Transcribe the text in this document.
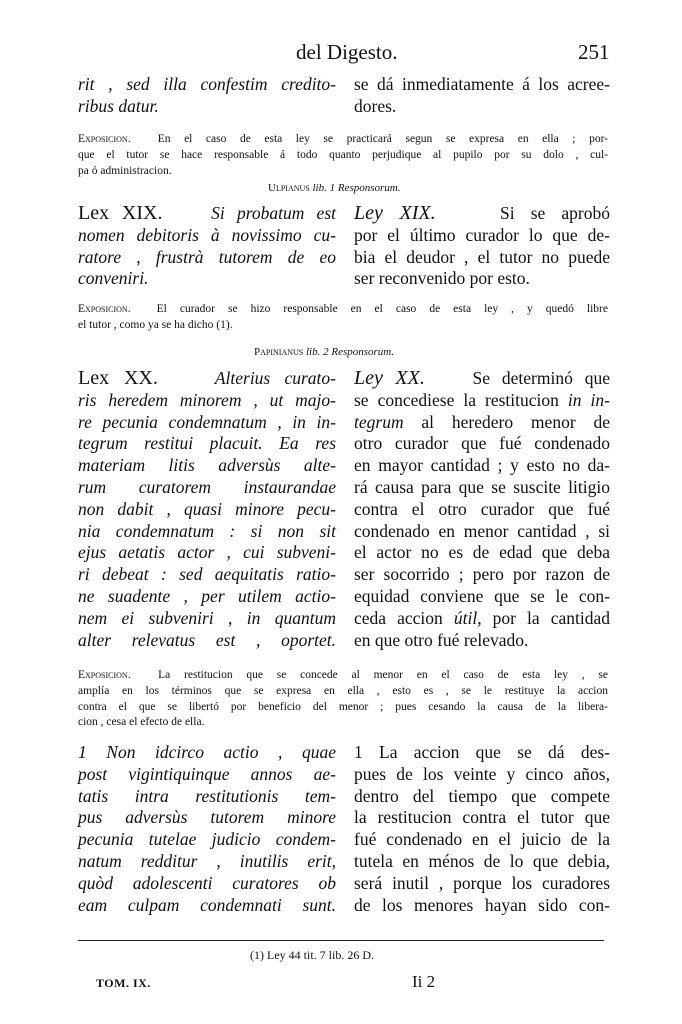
del Digesto.	251
rit , sed illa confestim credito-
ribus datur.
se dá inmediatamente á los acree-
dores.
Exposicion. En el caso de esta ley se practicará segun se expresa en ella ; por-
que el tutor se hace responsable á todo quanto perjudique al pupilo por su dolo , cul-
pa ó administracion.
Ulpianus lib. 1 Responsorum.
Lex XIX.    Si probatum est
nomen debitoris à novissimo cu-
ratore , frustrà tutorem de eo
conveniri.
Ley XIX.    Si se aprobó
por el último curador lo que de-
bia el deudor , el tutor no puede
ser reconvenido por esto.
Exposicion. El curador se hizo responsable en el caso de esta ley , y quedó libre
el tutor , como ya se ha dicho (1).
Papinianus lib. 2 Responsorum.
Lex XX.    Alterius curato-
ris heredem minorem , ut majo-
re pecunia condemnatum , in in-
tegrum restitui placuit. Ea res
materiam litis adversùs alte-
rum curatorem instaurandae
non dabit , quasi minore pecu-
nia condemnatum : si non sit
ejus aetatis actor , cui subveni-
ri debeat : sed aequitatis ratio-
ne suadente , per utilem actio-
nem ei subveniri , in quantum
alter relevatus est , oportet.
Ley XX.    Se determinó que
se concediese la restitucion in in-
tegrum al heredero menor de
otro curador que fué condenado
en mayor cantidad ; y esto no da-
rá causa para que se suscite litigio
contra el otro curador que fué
condenado en menor cantidad , si
el actor no es de edad que deba
ser socorrido ; pero por razon de
equidad conviene que se le con-
ceda accion útil, por la cantidad
en que otro fué relevado.
Exposicion. La restitucion que se concede al menor en el caso de esta ley , se
amplía en los términos que se expresa en ella , esto es , se le restituye la accion
contra el que se libertó por beneficio del menor ; pues cesando la causa de la libera-
cion , cesa el efecto de ella.
1 Non idcirco actio , quae
post vigintiquinque annos ae-
tatis intra restitutionis tem-
pus adversùs tutorem minore
pecunia tutelae judicio condem-
natum redditur , inutilis erit,
quòd adolescenti curatores ob
eam culpam condemnati sunt.
1 La accion que se dá des-
pues de los veinte y cinco años,
dentro del tiempo que compete
la restitucion contra el tutor que
fué condenado en el juicio de la
tutela en ménos de lo que debia,
será inutil , porque los curadores
de los menores hayan sido con-
(1) Ley 44 tit. 7 lib. 26 D.
TOM. IX.	Ii 2
